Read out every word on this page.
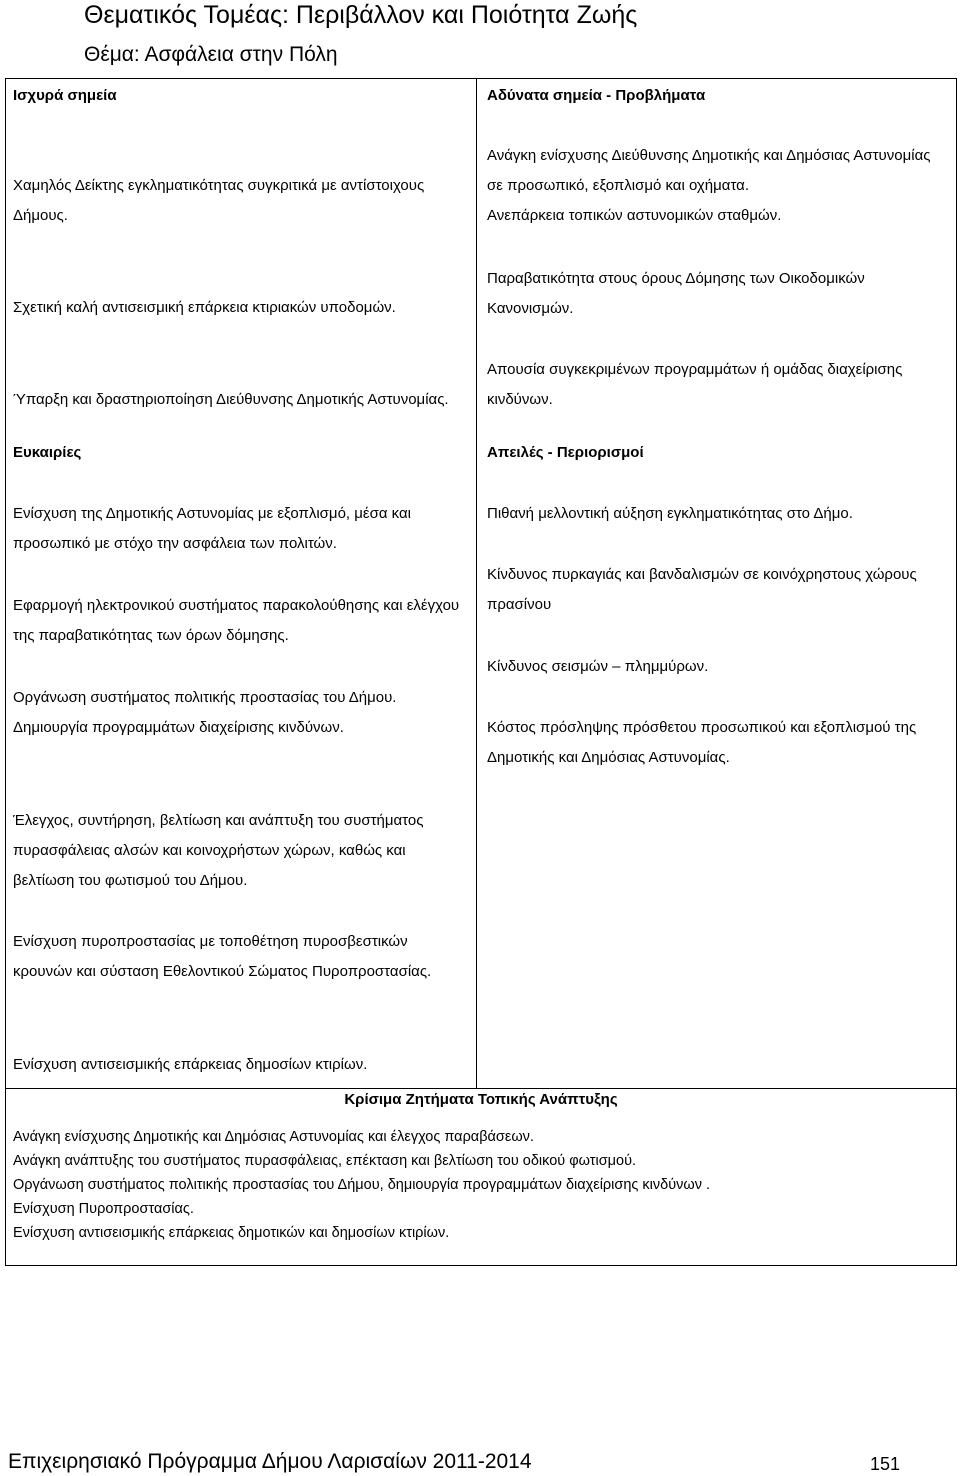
Θεματικός Τομέας: Περιβάλλον και Ποιότητα Ζωής
Θέμα: Ασφάλεια στην Πόλη
Ισχυρά σημεία

Χαμηλός Δείκτης εγκληματικότητας συγκριτικά με αντίστοιχους Δήμους.

Σχετική καλή αντισεισμική επάρκεια κτιριακών υποδομών.

Ύπαρξη και δραστηριοποίηση Διεύθυνσης Δημοτικής Αστυνομίας.

Αδύνατα σημεία - Προβλήματα

Ανάγκη ενίσχυσης Διεύθυνσης Δημοτικής και Δημόσιας Αστυνομίας σε προσωπικό, εξοπλισμό και οχήματα.

Ανεπάρκεια τοπικών αστυνομικών σταθμών.

Παραβατικότητα στους όρους Δόμησης των Οικοδομικών Κανονισμών.

Απουσία συγκεκριμένων προγραμμάτων ή ομάδας διαχείρισης κινδύνων.

Ευκαιρίες

Ενίσχυση της Δημοτικής Αστυνομίας με εξοπλισμό, μέσα και προσωπικό με στόχο την ασφάλεια των πολιτών.

Εφαρμογή ηλεκτρονικού συστήματος παρακολούθησης και ελέγχου της παραβατικότητας των όρων δόμησης.

Οργάνωση συστήματος πολιτικής προστασίας του Δήμου. Δημιουργία προγραμμάτων διαχείρισης κινδύνων.

Έλεγχος, συντήρηση, βελτίωση και ανάπτυξη του συστήματος πυρασφάλειας αλσών και κοινοχρήστων χώρων, καθώς και βελτίωση του φωτισμού του Δήμου.

Ενίσχυση πυροπροστασίας με τοποθέτηση πυροσβεστικών κρουνών και σύσταση Εθελοντικού Σώματος Πυροπροστασίας.

Ενίσχυση αντισεισμικής επάρκειας δημοσίων κτιρίων.

Απειλές - Περιορισμοί

Πιθανή μελλοντική αύξηση εγκληματικότητας στο Δήμο.

Κίνδυνος πυρκαγιάς και βανδαλισμών σε κοινόχρηστους χώρους πρασίνου

Κίνδυνος σεισμών – πλημμύρων.

Κόστος πρόσληψης πρόσθετου προσωπικού και εξοπλισμού της Δημοτικής και Δημόσιας Αστυνομίας.

Κρίσιμα Ζητήματα Τοπικής Ανάπτυξης
Ανάγκη ενίσχυσης Δημοτικής και Δημόσιας Αστυνομίας και έλεγχος παραβάσεων.
Ανάγκη ανάπτυξης του συστήματος πυρασφάλειας, επέκταση και βελτίωση του οδικού φωτισμού.
Οργάνωση συστήματος πολιτικής προστασίας του Δήμου, δημιουργία προγραμμάτων διαχείρισης κινδύνων .
Ενίσχυση Πυροπροστασίας.
Ενίσχυση αντισεισμικής επάρκειας δημοτικών και δημοσίων κτιρίων.
Επιχειρησιακό Πρόγραμμα Δήμου Λαρισαίων 2011-2014	151
